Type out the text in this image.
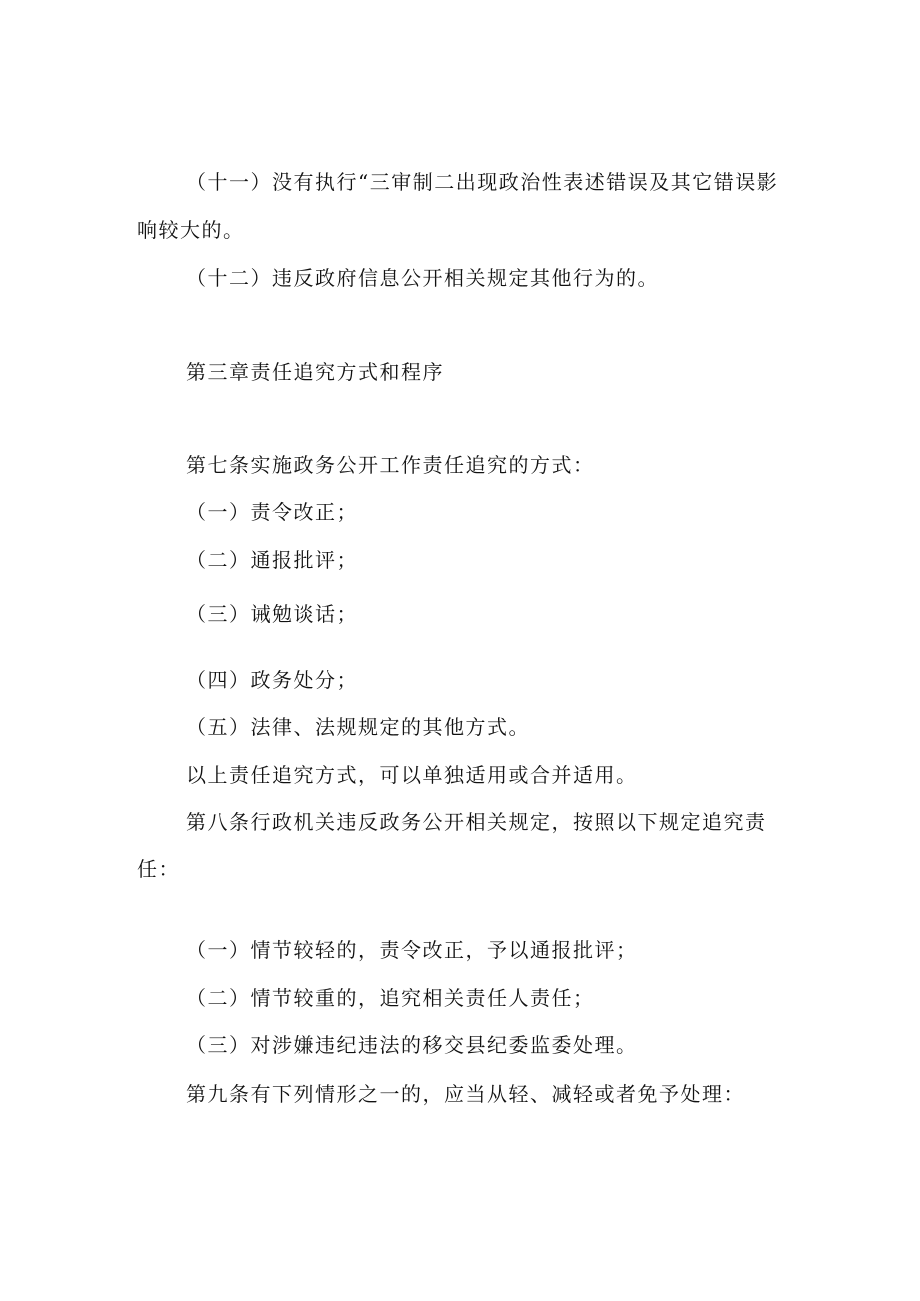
（十一）没有执行“三审制二出现政治性表述错误及其它错误影
响较大的。
（十二）违反政府信息公开相关规定其他行为的。
第三章责任追究方式和程序
第七条实施政务公开工作责任追究的方式：
（一）责令改正；
（二）通报批评；
（三）诫勉谈话；
（四）政务处分；
（五）法律、法规规定的其他方式。
以上责任追究方式，可以单独适用或合并适用。
第八条行政机关违反政务公开相关规定，按照以下规定追究责
任：
（一）情节较轻的，责令改正，予以通报批评；
（二）情节较重的，追究相关责任人责任；
（三）对涉嫌违纪违法的移交县纪委监委处理。
第九条有下列情形之一的，应当从轻、减轻或者免予处理：
